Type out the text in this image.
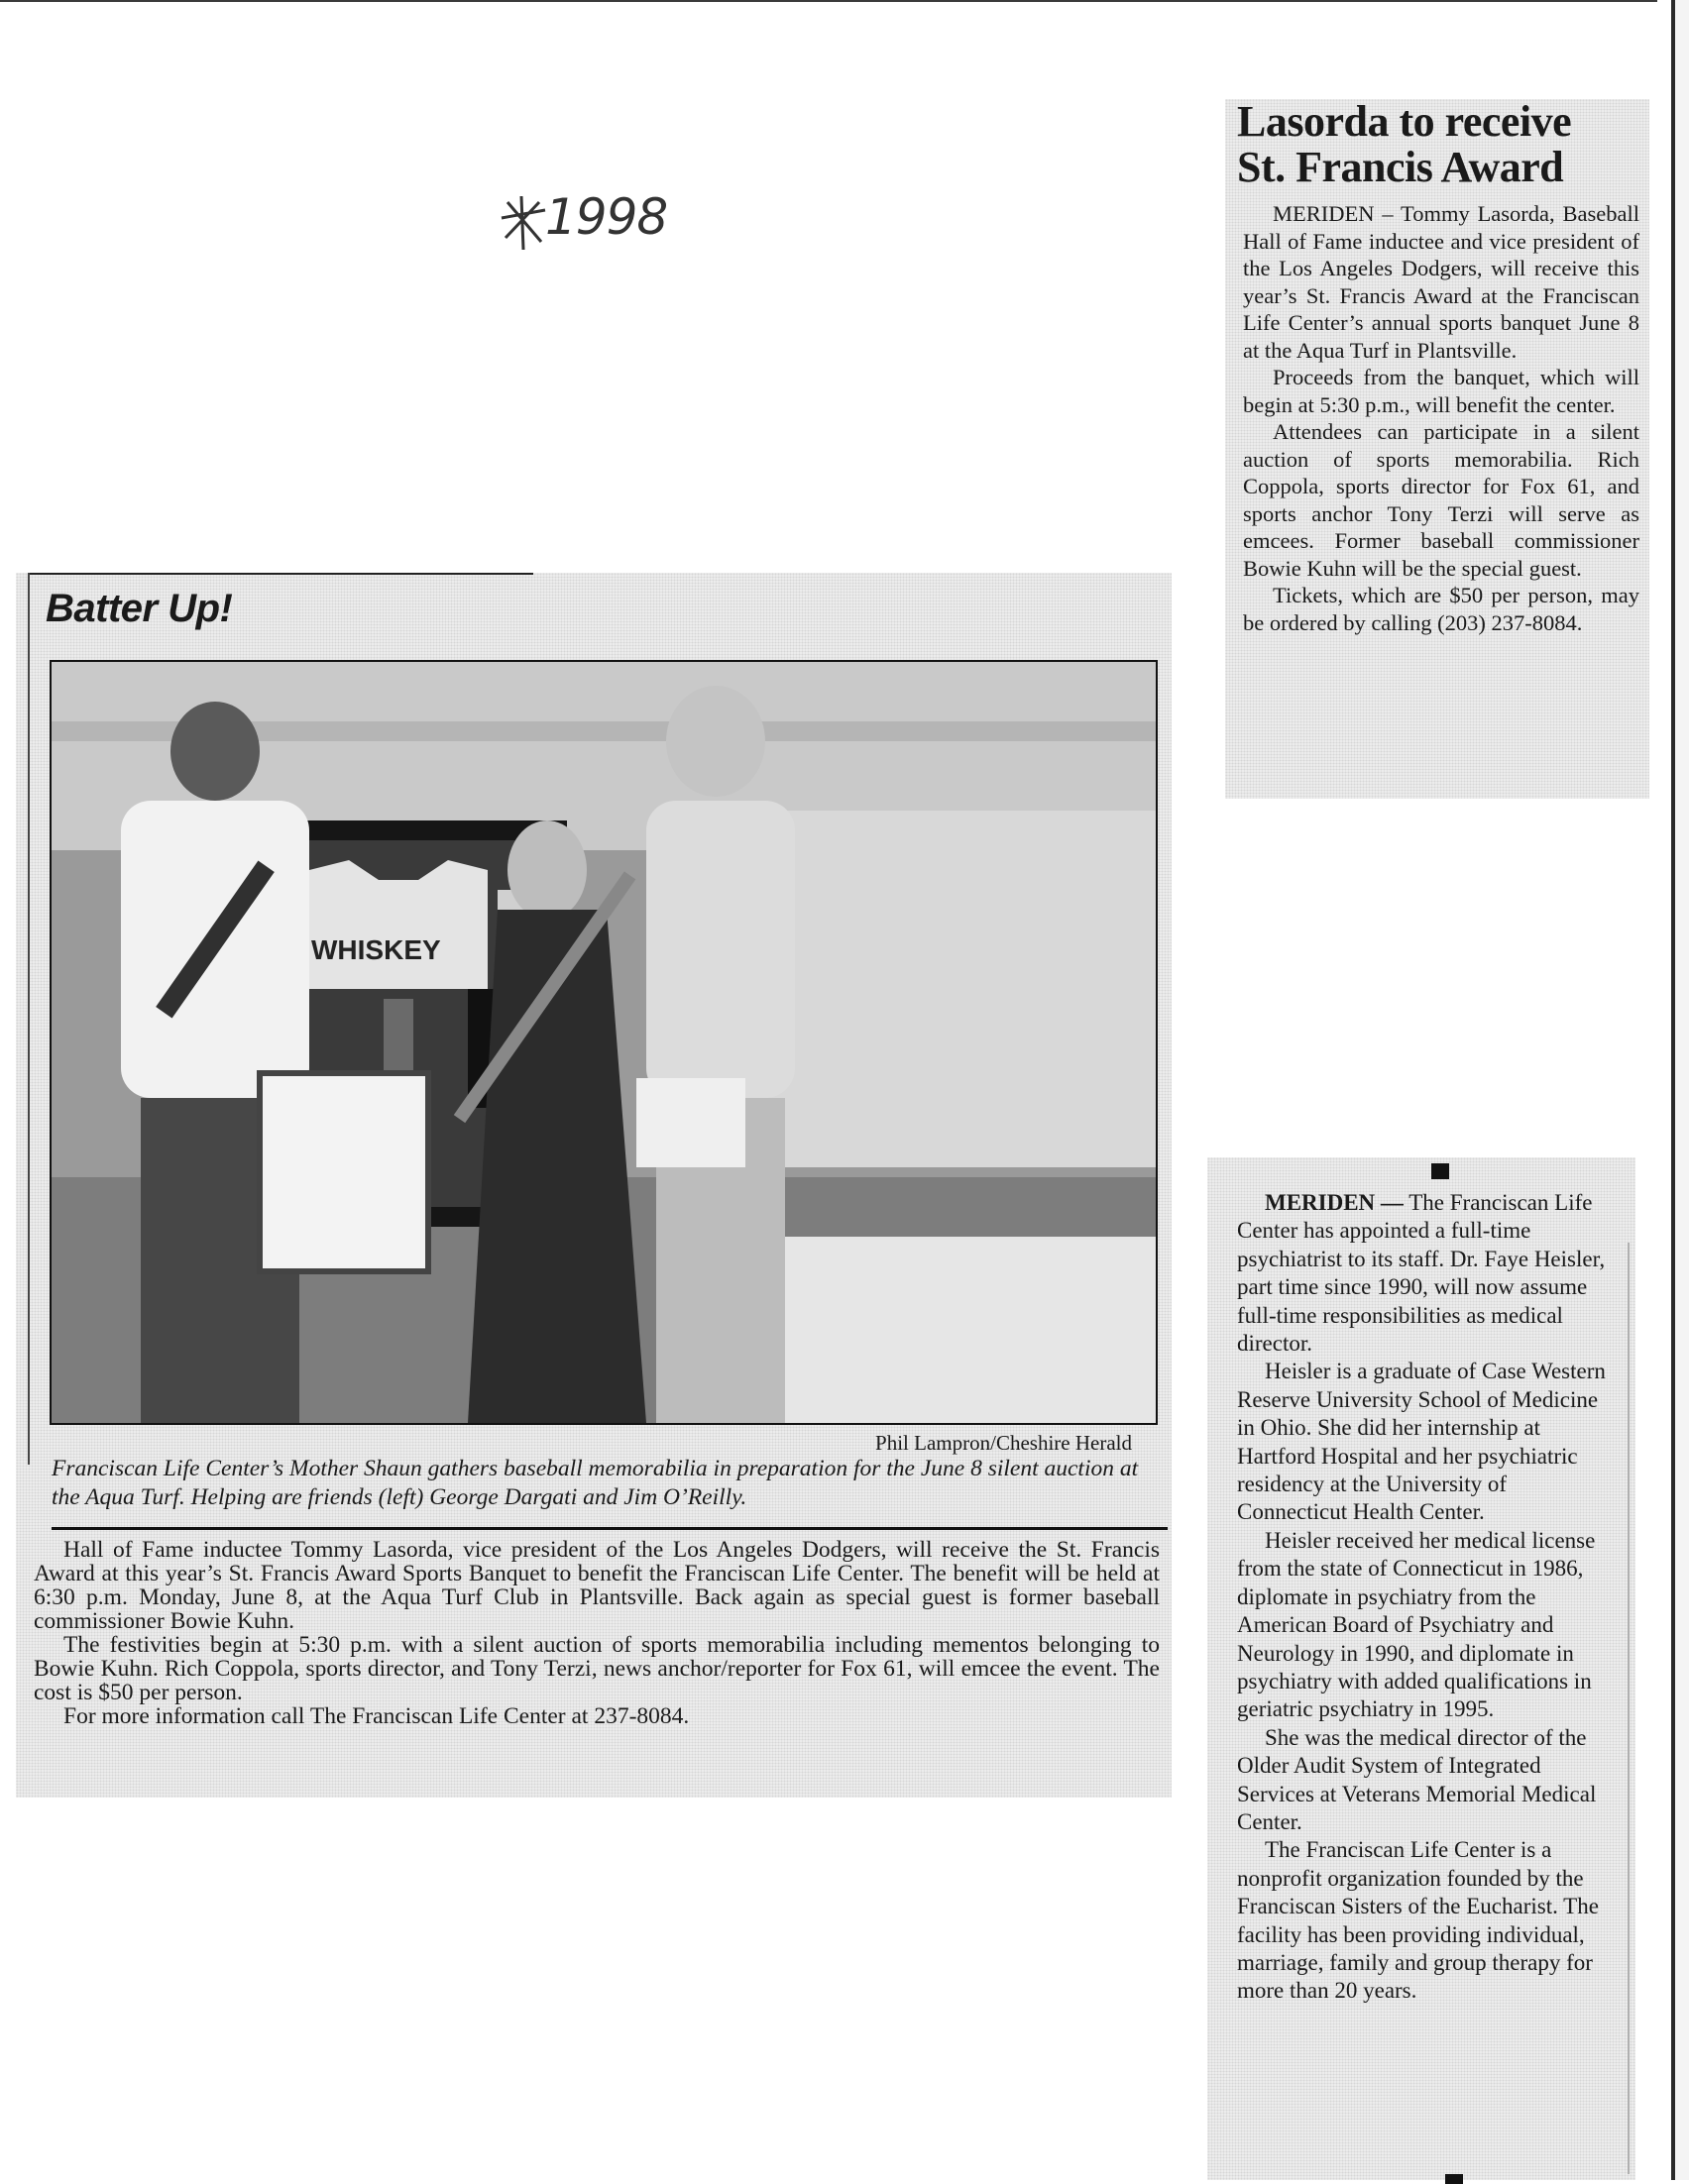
1998
Lasorda to receive
St. Francis Award

MERIDEN – Tommy Lasorda, Baseball Hall of Fame inductee and vice president of the Los Angeles Dodgers, will receive this year’s St. Francis Award at the Franciscan Life Center’s annual sports banquet June 8 at the Aqua Turf in Plantsville.

Proceeds from the banquet, which will begin at 5:30 p.m., will benefit the center.

Attendees can participate in a silent auction of sports memorabilia. Rich Coppola, sports director for Fox 61, and sports anchor Tony Terzi will serve as emcees. Former baseball commissioner Bowie Kuhn will be the special guest.

Tickets, which are $50 per person, may be ordered by calling (203) 237-8084.

Batter Up!
WHISKEY
Phil Lampron/Cheshire Herald
Franciscan Life Center’s Mother Shaun gathers baseball memorabilia in preparation for the June 8 silent auction at the Aqua Turf. Helping are friends (left) George Dargati and Jim O’Reilly.

Hall of Fame inductee Tommy Lasorda, vice president of the Los Angeles Dodgers, will receive the St. Francis Award at this year’s St. Francis Award Sports Banquet to benefit the Franciscan Life Center. The benefit will be held at 6:30 p.m. Monday, June 8, at the Aqua Turf Club in Plantsville. Back again as special guest is former baseball commissioner Bowie Kuhn.

The festivities begin at 5:30 p.m. with a silent auction of sports memorabilia including mementos belonging to Bowie Kuhn. Rich Coppola, sports director, and Tony Terzi, news anchor/reporter for Fox 61, will emcee the event. The cost is $50 per person.

For more information call The Franciscan Life Center at 237-8084.

MERIDEN — The Franciscan Life Center has appointed a full-time psychiatrist to its staff. Dr. Faye Heisler, part time since 1990, will now assume full-time responsibilities as medical director.

Heisler is a graduate of Case Western Reserve University School of Medicine in Ohio. She did her internship at Hartford Hospital and her psychiatric residency at the University of Connecticut Health Center.

Heisler received her medical license from the state of Connecticut in 1986, diplomate in psychiatry from the American Board of Psychiatry and Neurology in 1990, and diplomate in psychiatry with added qualifications in geriatric psychiatry in 1995.

She was the medical director of the Older Audit System of Integrated Services at Veterans Memorial Medical Center.

The Franciscan Life Center is a nonprofit organization founded by the Franciscan Sisters of the Eucharist. The facility has been providing individual, marriage, family and group therapy for more than 20 years.
